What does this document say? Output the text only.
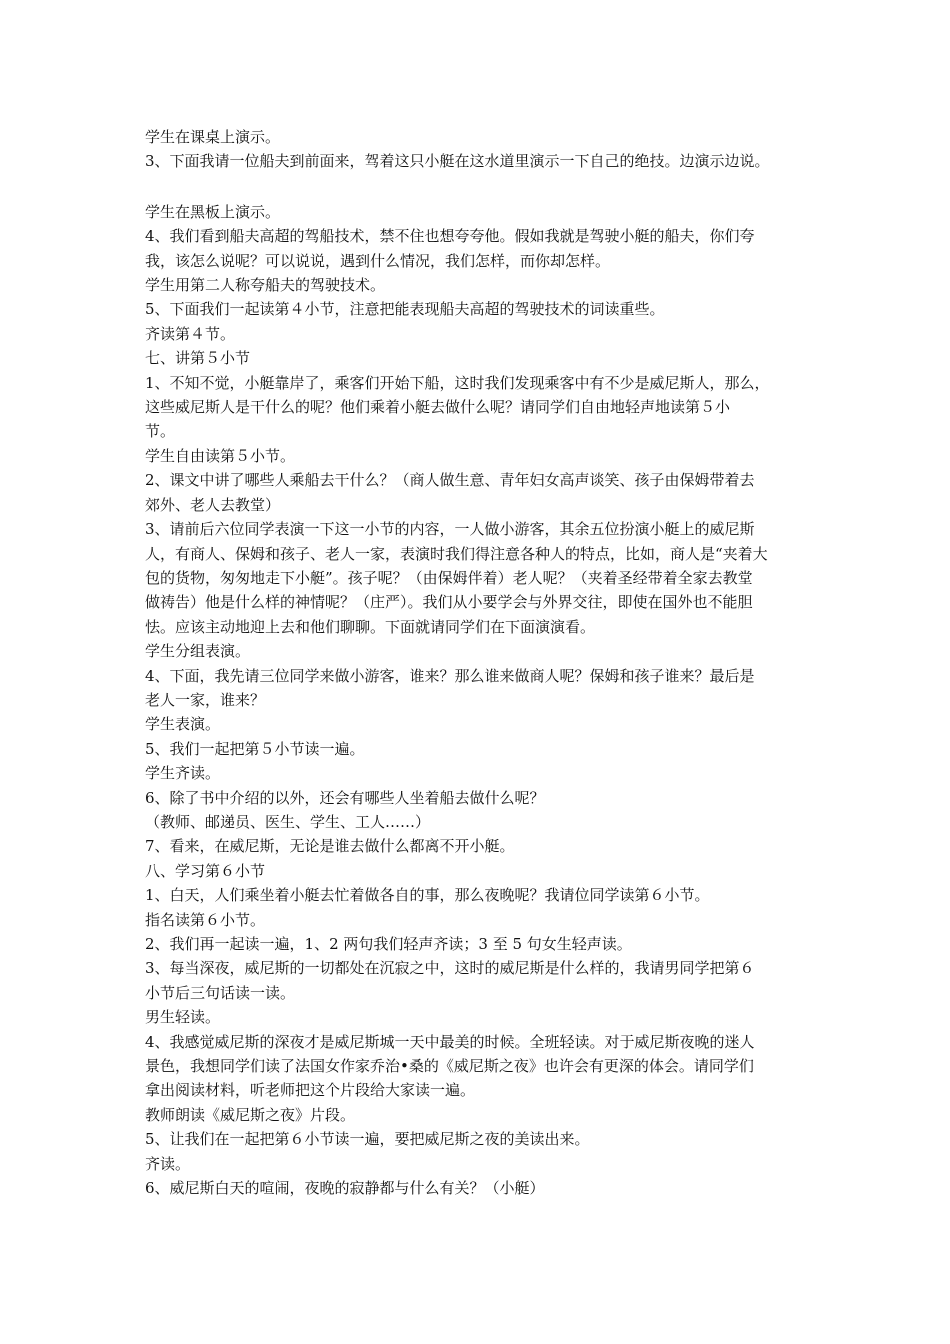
学生在课桌上演示。

3、下面我请一位船夫到前面来，驾着这只小艇在这水道里演示一下自己的绝技。边演示边说。

学生在黑板上演示。

4、我们看到船夫高超的驾船技术，禁不住也想夸夸他。假如我就是驾驶小艇的船夫，你们夸
我，该怎么说呢？可以说说，遇到什么情况，我们怎样，而你却怎样。

学生用第二人称夸船夫的驾驶技术。

5、下面我们一起读第４小节，注意把能表现船夫高超的驾驶技术的词读重些。

齐读第４节。

七、讲第５小节

1、不知不觉，小艇靠岸了，乘客们开始下船，这时我们发现乘客中有不少是威尼斯人，那么，
这些威尼斯人是干什么的呢？他们乘着小艇去做什么呢？请同学们自由地轻声地读第５小
节。

学生自由读第５小节。

2、课文中讲了哪些人乘船去干什么？（商人做生意、青年妇女高声谈笑、孩子由保姆带着去
郊外、老人去教堂）

3、请前后六位同学表演一下这一小节的内容，一人做小游客，其余五位扮演小艇上的威尼斯
人，有商人、保姆和孩子、老人一家，表演时我们得注意各种人的特点，比如，商人是“夹着大
包的货物，匆匆地走下小艇”。孩子呢？（由保姆伴着）老人呢？（夹着圣经带着全家去教堂
做祷告）他是什么样的神情呢？（庄严）。我们从小要学会与外界交往，即使在国外也不能胆
怯。应该主动地迎上去和他们聊聊。下面就请同学们在下面演演看。

学生分组表演。

4、下面，我先请三位同学来做小游客，谁来？那么谁来做商人呢？保姆和孩子谁来？最后是
老人一家，谁来？

学生表演。

5、我们一起把第５小节读一遍。

学生齐读。

6、除了书中介绍的以外，还会有哪些人坐着船去做什么呢？

（教师、邮递员、医生、学生、工人……）

7、看来，在威尼斯，无论是谁去做什么都离不开小艇。

八、学习第６小节

1、白天，人们乘坐着小艇去忙着做各自的事，那么夜晚呢？我请位同学读第６小节。

指名读第６小节。

2、我们再一起读一遍，1、2 两句我们轻声齐读；3 至 5 句女生轻声读。

3、每当深夜，威尼斯的一切都处在沉寂之中，这时的威尼斯是什么样的，我请男同学把第６
小节后三句话读一读。

男生轻读。

4、我感觉威尼斯的深夜才是威尼斯城一天中最美的时候。全班轻读。对于威尼斯夜晚的迷人
景色，我想同学们读了法国女作家乔治•桑的《威尼斯之夜》也许会有更深的体会。请同学们
拿出阅读材料，听老师把这个片段给大家读一遍。

教师朗读《威尼斯之夜》片段。

5、让我们在一起把第６小节读一遍，要把威尼斯之夜的美读出来。

齐读。

6、威尼斯白天的喧闹，夜晚的寂静都与什么有关？（小艇）
